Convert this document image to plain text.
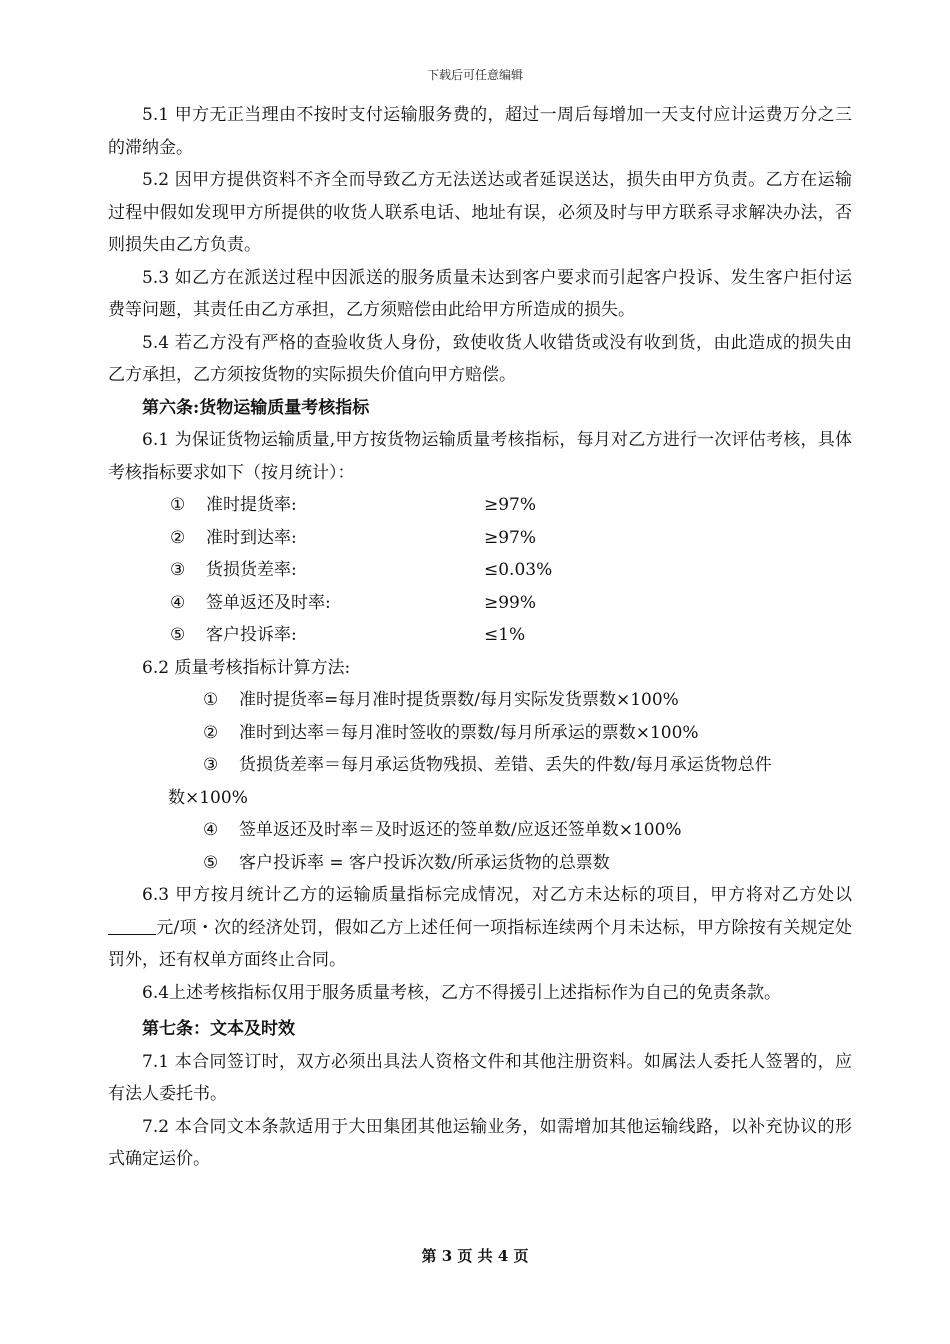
下载后可任意编辑

5.1 甲方无正当理由不按时支付运输服务费的，超过一周后每增加一天支付应计运费万分之三的滞纳金。

5.2 因甲方提供资料不齐全而导致乙方无法送达或者延误送达，损失由甲方负责。乙方在运输过程中假如发现甲方所提供的收货人联系电话、地址有误，必须及时与甲方联系寻求解决办法，否则损失由乙方负责。

5.3 如乙方在派送过程中因派送的服务质量未达到客户要求而引起客户投诉、发生客户拒付运费等问题，其责任由乙方承担，乙方须赔偿由此给甲方所造成的损失。

5.4 若乙方没有严格的查验收货人身份，致使收货人收错货或没有收到货，由此造成的损失由乙方承担，乙方须按货物的实际损失价值向甲方赔偿。

第六条:货物运输质量考核指标

6.1 为保证货物运输质量,甲方按货物运输质量考核指标，每月对乙方进行一次评估考核，具体考核指标要求如下（按月统计）：

①	准时提货率:	≥97%
②	准时到达率:	≥97%
③	货损货差率:	≤0.03%
④	签单返还及时率:	≥99%
⑤	客户投诉率:	≤1%

6.2 质量考核指标计算方法:

① 准时提货率=每月准时提货票数/每月实际发货票数×100%

② 准时到达率＝每月准时签收的票数/每月所承运的票数×100%

③ 货损货差率＝每月承运货物残损、差错、丢失的件数/每月承运货物总件

数×100%

④ 签单返还及时率＝及时返还的签单数/应返还签单数×100%

⑤ 客户投诉率 = 客户投诉次数/所承运货物的总票数

6.3 甲方按月统计乙方的运输质量指标完成情况，对乙方未达标的项目，甲方将对乙方处以元/项・次的经济处罚，假如乙方上述任何一项指标连续两个月未达标，甲方除按有关规定处罚外，还有权单方面终止合同。

6.4上述考核指标仅用于服务质量考核，乙方不得援引上述指标作为自己的免责条款。

第七条：文本及时效

7.1 本合同签订时，双方必须出具法人资格文件和其他注册资料。如属法人委托人签署的，应有法人委托书。

7.2 本合同文本条款适用于大田集团其他运输业务，如需增加其他运输线路，以补充协议的形式确定运价。

第 3 页 共 4 页
